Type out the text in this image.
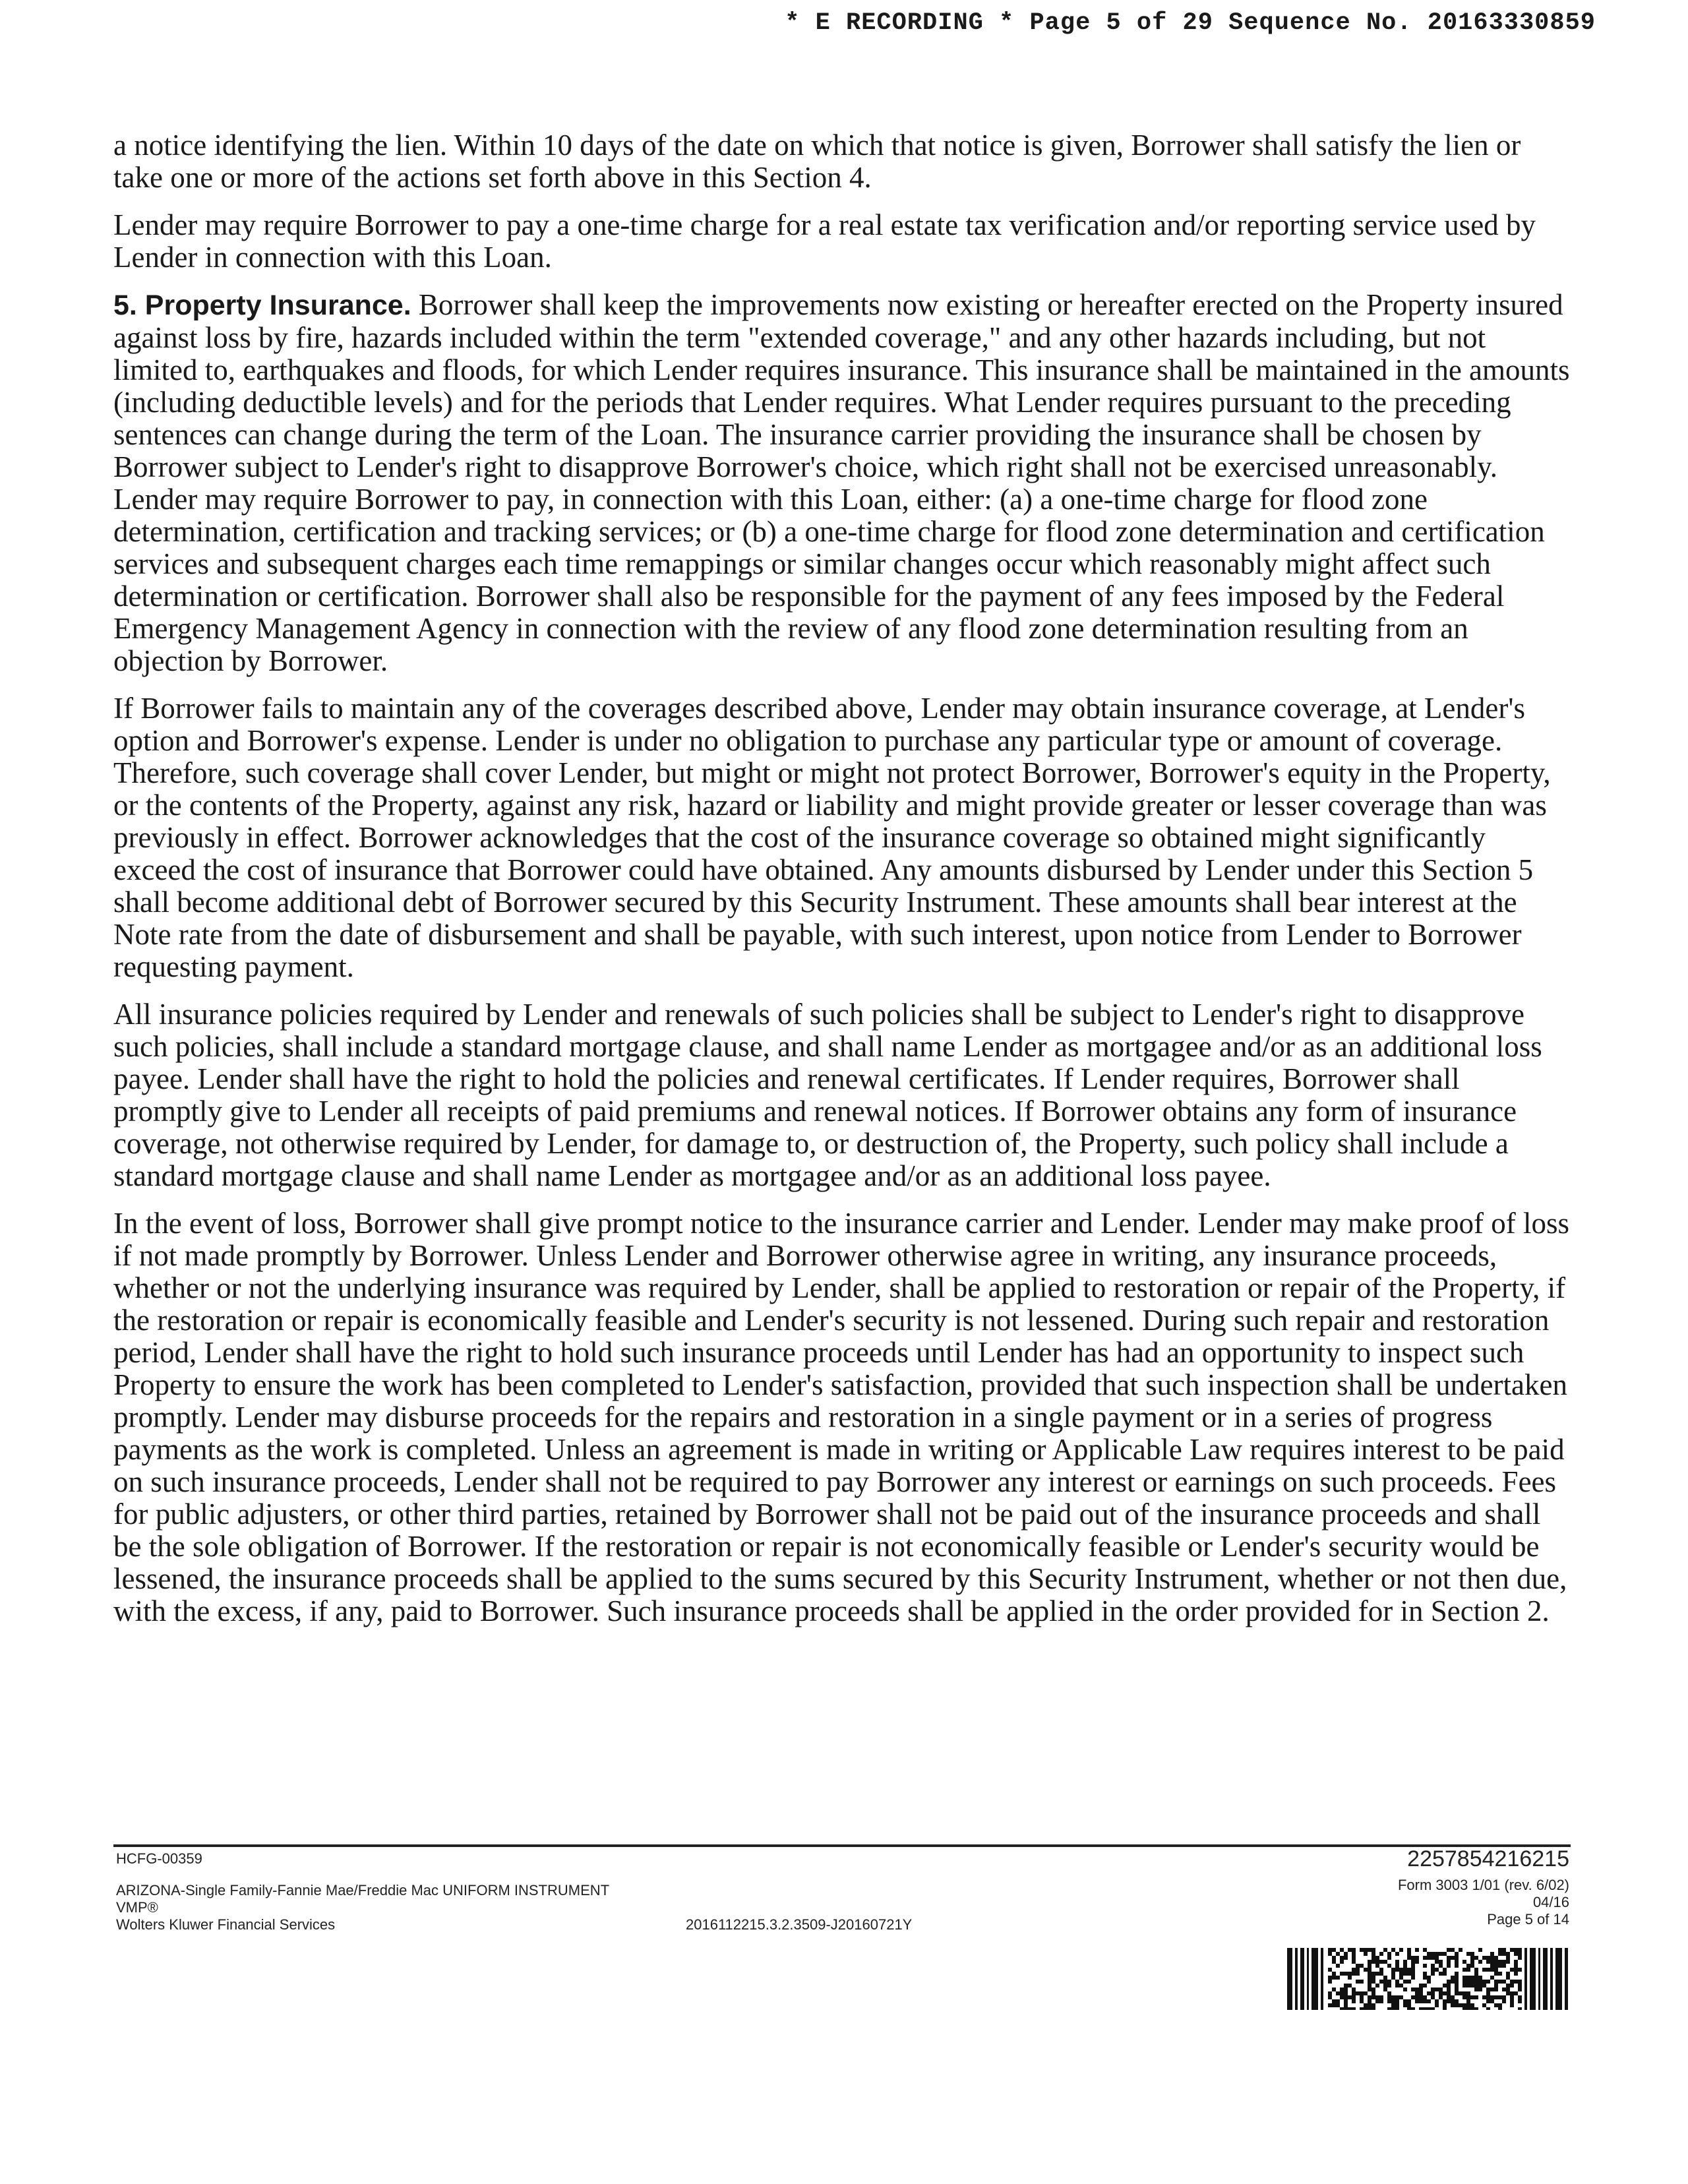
* E RECORDING * Page 5 of 29 Sequence No. 20163330859

a notice identifying the lien. Within 10 days of the date on which that notice is given, Borrower shall satisfy the lien or take one or more of the actions set forth above in this Section 4.

Lender may require Borrower to pay a one-time charge for a real estate tax verification and/or reporting service used by Lender in connection with this Loan.

5. Property Insurance. Borrower shall keep the improvements now existing or hereafter erected on the Property insured against loss by fire, hazards included within the term "extended coverage," and any other hazards including, but not limited to, earthquakes and floods, for which Lender requires insurance. This insurance shall be maintained in the amounts (including deductible levels) and for the periods that Lender requires. What Lender requires pursuant to the preceding sentences can change during the term of the Loan. The insurance carrier providing the insurance shall be chosen by Borrower subject to Lender's right to disapprove Borrower's choice, which right shall not be exercised unreasonably. Lender may require Borrower to pay, in connection with this Loan, either: (a) a one-time charge for flood zone determination, certification and tracking services; or (b) a one-time charge for flood zone determination and certification services and subsequent charges each time remappings or similar changes occur which reasonably might affect such determination or certification. Borrower shall also be responsible for the payment of any fees imposed by the Federal Emergency Management Agency in connection with the review of any flood zone determination resulting from an objection by Borrower.

If Borrower fails to maintain any of the coverages described above, Lender may obtain insurance coverage, at Lender's option and Borrower's expense. Lender is under no obligation to purchase any particular type or amount of coverage. Therefore, such coverage shall cover Lender, but might or might not protect Borrower, Borrower's equity in the Property, or the contents of the Property, against any risk, hazard or liability and might provide greater or lesser coverage than was previously in effect. Borrower acknowledges that the cost of the insurance coverage so obtained might significantly exceed the cost of insurance that Borrower could have obtained. Any amounts disbursed by Lender under this Section 5 shall become additional debt of Borrower secured by this Security Instrument. These amounts shall bear interest at the Note rate from the date of disbursement and shall be payable, with such interest, upon notice from Lender to Borrower requesting payment.

All insurance policies required by Lender and renewals of such policies shall be subject to Lender's right to disapprove such policies, shall include a standard mortgage clause, and shall name Lender as mortgagee and/or as an additional loss payee. Lender shall have the right to hold the policies and renewal certificates. If Lender requires, Borrower shall promptly give to Lender all receipts of paid premiums and renewal notices. If Borrower obtains any form of insurance coverage, not otherwise required by Lender, for damage to, or destruction of, the Property, such policy shall include a standard mortgage clause and shall name Lender as mortgagee and/or as an additional loss payee.

In the event of loss, Borrower shall give prompt notice to the insurance carrier and Lender. Lender may make proof of loss if not made promptly by Borrower. Unless Lender and Borrower otherwise agree in writing, any insurance proceeds, whether or not the underlying insurance was required by Lender, shall be applied to restoration or repair of the Property, if the restoration or repair is economically feasible and Lender's security is not lessened. During such repair and restoration period, Lender shall have the right to hold such insurance proceeds until Lender has had an opportunity to inspect such Property to ensure the work has been completed to Lender's satisfaction, provided that such inspection shall be undertaken promptly. Lender may disburse proceeds for the repairs and restoration in a single payment or in a series of progress payments as the work is completed. Unless an agreement is made in writing or Applicable Law requires interest to be paid on such insurance proceeds, Lender shall not be required to pay Borrower any interest or earnings on such proceeds. Fees for public adjusters, or other third parties, retained by Borrower shall not be paid out of the insurance proceeds and shall be the sole obligation of Borrower. If the restoration or repair is not economically feasible or Lender's security would be lessened, the insurance proceeds shall be applied to the sums secured by this Security Instrument, whether or not then due, with the excess, if any, paid to Borrower. Such insurance proceeds shall be applied in the order provided for in Section 2.

HCFG-00359
ARIZONA-Single Family-Fannie Mae/Freddie Mac UNIFORM INSTRUMENT
VMP®
Wolters Kluwer Financial Services	2016112215.3.2.3509-J20160721Y
2257854216215
Form 3003 1/01 (rev. 6/02)
04/16
Page 5 of 14
